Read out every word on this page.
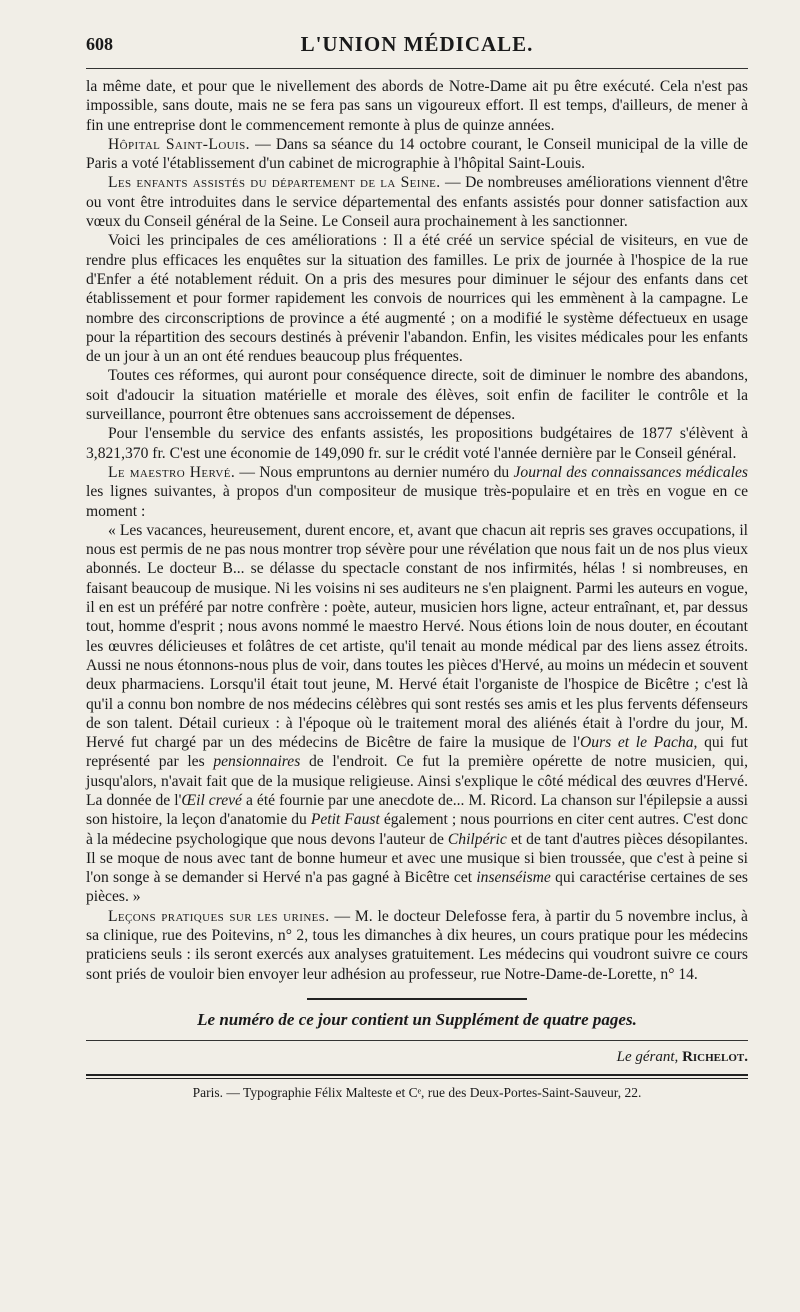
608	L'UNION MÉDICALE.

la même date, et pour que le nivellement des abords de Notre-Dame ait pu être exécuté. Cela n'est pas impossible, sans doute, mais ne se fera pas sans un vigoureux effort. Il est temps, d'ailleurs, de mener à fin une entreprise dont le commencement remonte à plus de quinze années.

Hôpital Saint-Louis. — Dans sa séance du 14 octobre courant, le Conseil municipal de la ville de Paris a voté l'établissement d'un cabinet de micrographie à l'hôpital Saint-Louis.

Les enfants assistés du département de la Seine. — De nombreuses améliorations viennent d'être ou vont être introduites dans le service départemental des enfants assistés pour donner satisfaction aux vœux du Conseil général de la Seine. Le Conseil aura prochainement à les sanctionner.

Voici les principales de ces améliorations : Il a été créé un service spécial de visiteurs, en vue de rendre plus efficaces les enquêtes sur la situation des familles. Le prix de journée à l'hospice de la rue d'Enfer a été notablement réduit. On a pris des mesures pour diminuer le séjour des enfants dans cet établissement et pour former rapidement les convois de nourrices qui les emmènent à la campagne. Le nombre des circonscriptions de province a été augmenté ; on a modifié le système défectueux en usage pour la répartition des secours destinés à prévenir l'abandon. Enfin, les visites médicales pour les enfants de un jour à un an ont été rendues beaucoup plus fréquentes.

Toutes ces réformes, qui auront pour conséquence directe, soit de diminuer le nombre des abandons, soit d'adoucir la situation matérielle et morale des élèves, soit enfin de faciliter le contrôle et la surveillance, pourront être obtenues sans accroissement de dépenses.

Pour l'ensemble du service des enfants assistés, les propositions budgétaires de 1877 s'élèvent à 3,821,370 fr. C'est une économie de 149,090 fr. sur le crédit voté l'année dernière par le Conseil général.

Le maestro Hervé. — Nous empruntons au dernier numéro du Journal des connaissances médicales les lignes suivantes, à propos d'un compositeur de musique très-populaire et en très en vogue en ce moment :

« Les vacances, heureusement, durent encore, et, avant que chacun ait repris ses graves occupations, il nous est permis de ne pas nous montrer trop sévère pour une révélation que nous fait un de nos plus vieux abonnés. Le docteur B... se délasse du spectacle constant de nos infirmités, hélas ! si nombreuses, en faisant beaucoup de musique. Ni les voisins ni ses auditeurs ne s'en plaignent. Parmi les auteurs en vogue, il en est un préféré par notre confrère : poète, auteur, musicien hors ligne, acteur entraînant, et, par dessus tout, homme d'esprit ; nous avons nommé le maestro Hervé. Nous étions loin de nous douter, en écoutant les œuvres délicieuses et folâtres de cet artiste, qu'il tenait au monde médical par des liens assez étroits. Aussi ne nous étonnons-nous plus de voir, dans toutes les pièces d'Hervé, au moins un médecin et souvent deux pharmaciens. Lorsqu'il était tout jeune, M. Hervé était l'organiste de l'hospice de Bicêtre ; c'est là qu'il a connu bon nombre de nos médecins célèbres qui sont restés ses amis et les plus fervents défenseurs de son talent. Détail curieux : à l'époque où le traitement moral des aliénés était à l'ordre du jour, M. Hervé fut chargé par un des médecins de Bicêtre de faire la musique de l'Ours et le Pacha, qui fut représenté par les pensionnaires de l'endroit. Ce fut la première opérette de notre musicien, qui, jusqu'alors, n'avait fait que de la musique religieuse. Ainsi s'explique le côté médical des œuvres d'Hervé. La donnée de l'Œil crevé a été fournie par une anecdote de... M. Ricord. La chanson sur l'épilepsie a aussi son histoire, la leçon d'anatomie du Petit Faust également ; nous pourrions en citer cent autres. C'est donc à la médecine psychologique que nous devons l'auteur de Chilpéric et de tant d'autres pièces désopilantes. Il se moque de nous avec tant de bonne humeur et avec une musique si bien troussée, que c'est à peine si l'on songe à se demander si Hervé n'a pas gagné à Bicêtre cet insenséisme qui caractérise certaines de ses pièces. »

Leçons pratiques sur les urines. — M. le docteur Delefosse fera, à partir du 5 novembre inclus, à sa clinique, rue des Poitevins, n° 2, tous les dimanches à dix heures, un cours pratique pour les médecins praticiens seuls : ils seront exercés aux analyses gratuitement. Les médecins qui voudront suivre ce cours sont priés de vouloir bien envoyer leur adhésion au professeur, rue Notre-Dame-de-Lorette, n° 14.

Le numéro de ce jour contient un Supplément de quatre pages.
Le gérant, Richelot.
Paris. — Typographie Félix Malteste et Cᵉ, rue des Deux-Portes-Saint-Sauveur, 22.
